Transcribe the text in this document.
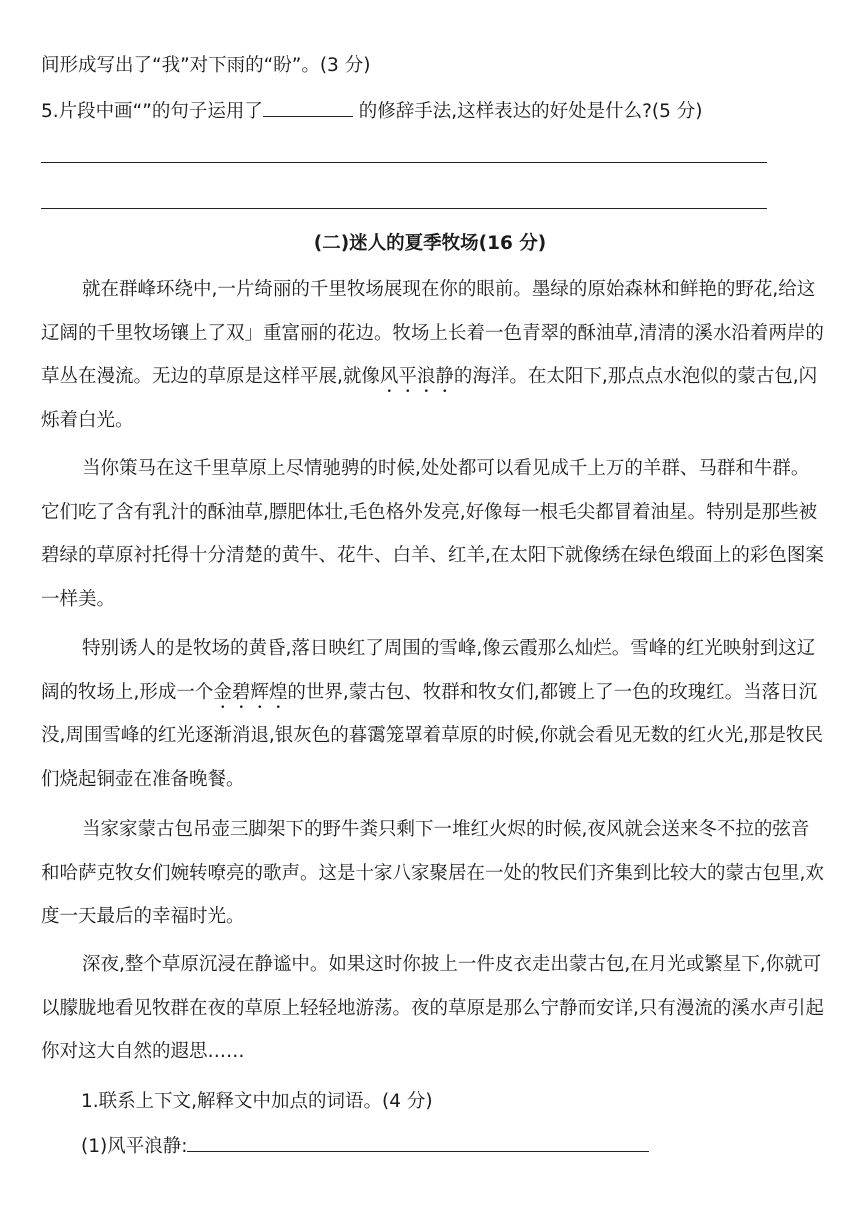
间形成写出了“我”对下雨的“盼”。(3 分)
5.片段中画“”的句子运用了	的修辞手法,这样表达的好处是什么?(5 分)
(二)迷人的夏季牧场(16 分)

就在群峰环绕中,一片绮丽的千里牧场展现在你的眼前。墨绿的原始森林和鲜艳的野花,给这辽阔的千里牧场镶上了双」重富丽的花边。牧场上长着一色青翠的酥油草,清清的溪水沿着两岸的草丛在漫流。无边的草原是这样平展,就像风平浪静的海洋。在太阳下,那点点水泡似的蒙古包,闪烁着白光。

当你策马在这千里草原上尽情驰骋的时候,处处都可以看见成千上万的羊群、马群和牛群。它们吃了含有乳汁的酥油草,膘肥体壮,毛色格外发亮,好像每一根毛尖都冒着油星。特别是那些被碧绿的草原衬托得十分清楚的黄牛、花牛、白羊、红羊,在太阳下就像绣在绿色缎面上的彩色图案一样美。

特别诱人的是牧场的黄昏,落日映红了周围的雪峰,像云霞那么灿烂。雪峰的红光映射到这辽阔的牧场上,形成一个金碧辉煌的世界,蒙古包、牧群和牧女们,都镀上了一色的玫瑰红。当落日沉没,周围雪峰的红光逐渐消退,银灰色的暮霭笼罩着草原的时候,你就会看见无数的红火光,那是牧民们烧起铜壶在准备晚餐。

当家家蒙古包吊壶三脚架下的野牛粪只剩下一堆红火烬的时候,夜风就会送来冬不拉的弦音和哈萨克牧女们婉转嘹亮的歌声。这是十家八家聚居在一处的牧民们齐集到比较大的蒙古包里,欢度一天最后的幸福时光。

深夜,整个草原沉浸在静谧中。如果这时你披上一件皮衣走出蒙古包,在月光或繁星下,你就可以朦胧地看见牧群在夜的草原上轻轻地游荡。夜的草原是那么宁静而安详,只有漫流的溪水声引起你对这大自然的遐思……

1.联系上下文,解释文中加点的词语。(4 分)
(1)风平浪静:
